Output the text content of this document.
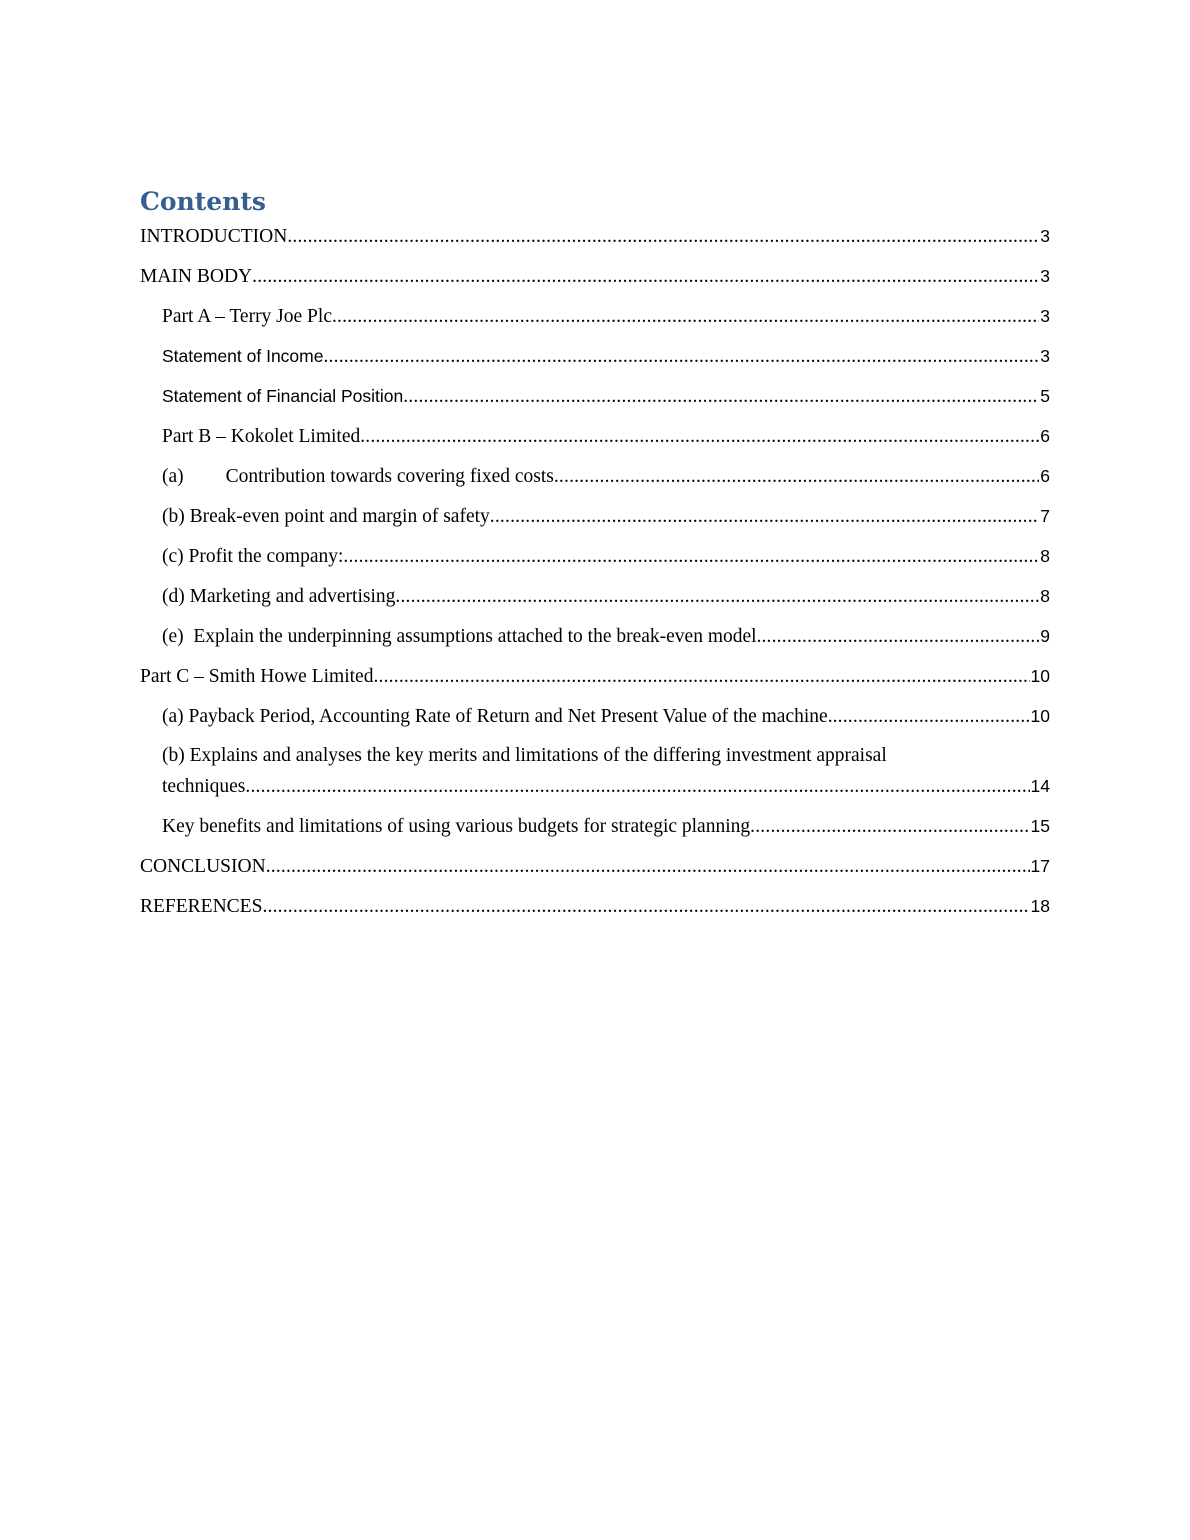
Contents
INTRODUCTION .....	3
MAIN BODY .....	3
Part A – Terry Joe Plc .....	3
Statement of Income .....	3
Statement of Financial Position .....	5
Part B – Kokolet Limited .....	6
(a) Contribution towards covering fixed costs .....	6
(b) Break-even point and margin of safety .....	7
(c) Profit the company: .....	8
(d) Marketing and advertising .....	8
(e)  Explain the underpinning assumptions attached to the break-even model. .....	9
Part C – Smith Howe Limited .....	10
(a) Payback Period, Accounting Rate of Return and Net Present Value of the machine. .....	10
(b) Explains and analyses the key merits and limitations of the differing investment appraisal
techniques .....	14
Key benefits and limitations of using various budgets for strategic planning .....	15
CONCLUSION .....	17
REFERENCES .....	18
